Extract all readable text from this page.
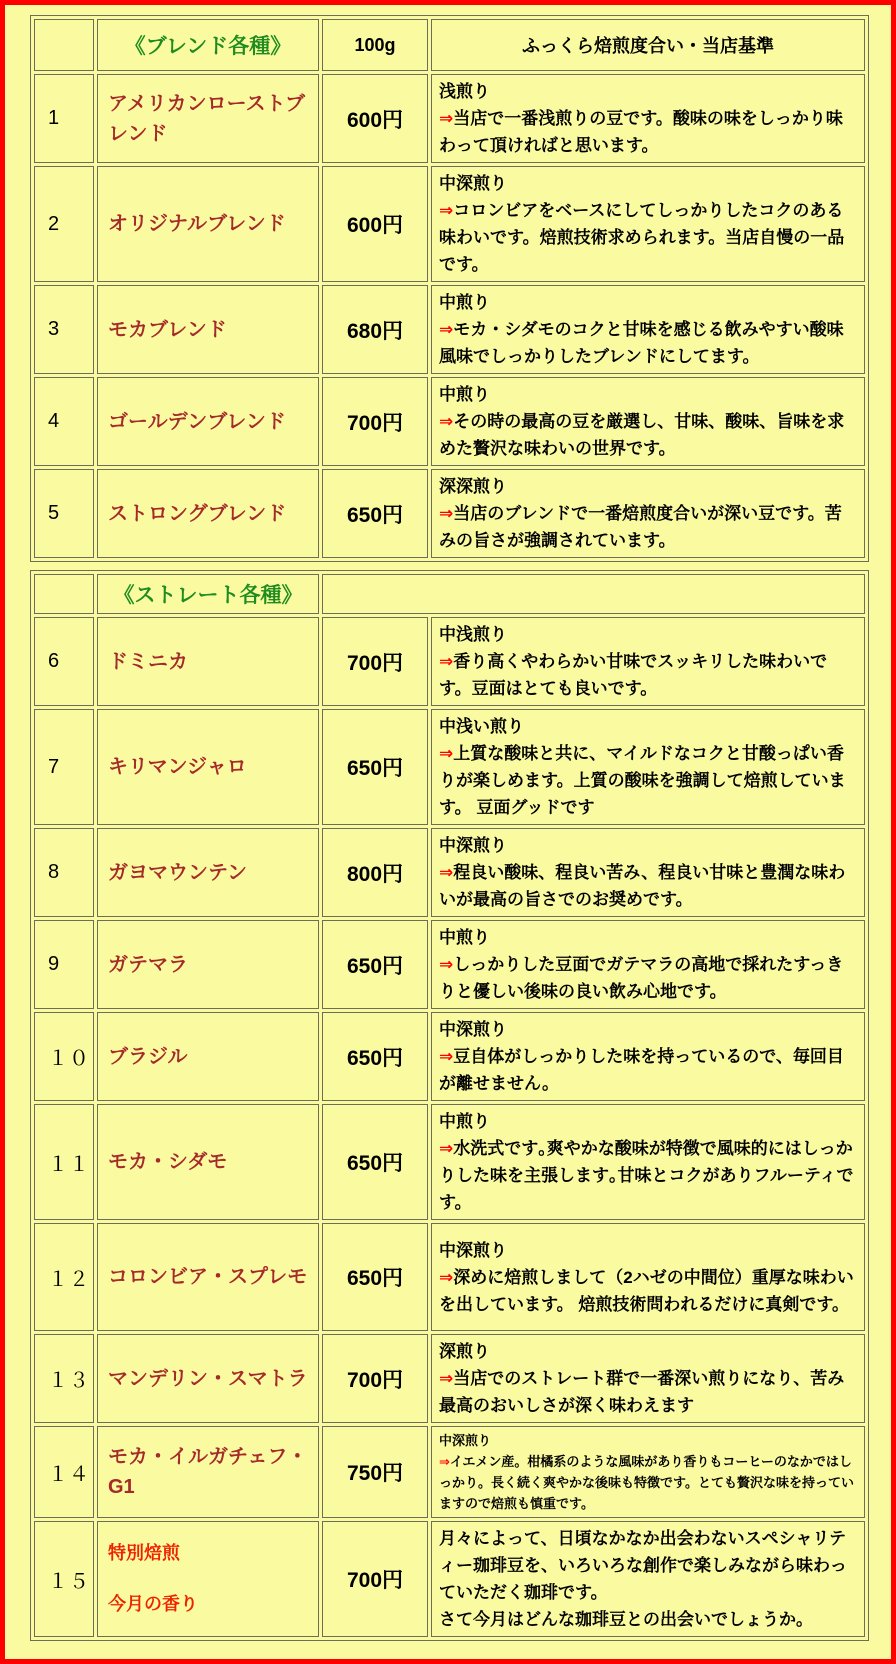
	《ブレンド各種》	100g	ふっくら焙煎度合い・当店基準
1	アメリカンローストブレンド	600円	浅煎り
⇒当店で一番浅煎りの豆です。酸味の味をしっかり味わって頂ければと思います。

2	オリジナルブレンド	600円	中深煎り
⇒コロンビアをベースにしてしっかりしたコクのある味わいです。焙煎技術求められます。当店自慢の一品です。

3	モカブレンド	680円	中煎り
⇒モカ・シダモのコクと甘味を感じる飲みやすい酸味風味でしっかりしたブレンドにしてます。

4	ゴールデンブレンド	700円	中煎り
⇒その時の最高の豆を厳選し、甘味、酸味、旨味を求めた贅沢な味わいの世界です。

5	ストロングブレンド	650円	深深煎り
⇒当店のブレンドで一番焙煎度合いが深い豆です。苦みの旨さが強調されています。
	《ストレート各種》		
6	ドミニカ	700円	中浅煎り
⇒香り高くやわらかい甘味でスッキリした味わいです。豆面はとても良いです。

7	キリマンジャロ	650円	中浅い煎り
⇒上質な酸味と共に、マイルドなコクと甘酸っぱい香りが楽しめます。上質の酸味を強調して焙煎しています。 豆面グッドです

8	ガヨマウンテン	800円	中深煎り
⇒程良い酸味、程良い苦み、程良い甘味と豊潤な味わいが最高の旨さでのお奨めです。

9	ガテマラ	650円	中煎り
⇒しっかりした豆面でガテマラの高地で採れたすっきりと優しい後味の良い飲み心地です。

１０	ブラジル	650円	中深煎り
⇒豆自体がしっかりした味を持っているので、毎回目が離せません。

１１	モカ・シダモ	650円	中煎り
⇒水洗式です｡爽やかな酸味が特徴で風味的にはしっかりした味を主張します｡甘味とコクがありフルーティです。

１２	コロンビア・スプレモ	650円	中深煎り
⇒深めに焙煎しまして（2ハゼの中間位）重厚な味わいを出しています。 焙煎技術問われるだけに真剣です。

１３	マンデリン・スマトラ	700円	深煎り
⇒当店でのストレート群で一番深い煎りになり、苦み最高のおいしさが深く味わえます

１４	モカ・イルガチェフ・G1	750円	中深煎り
⇒イエメン産。柑橘系のような風味があり香りもコーヒーのなかではしっかり。長く続く爽やかな後味も特徴です。とても贅沢な味を持っていますので焙煎も慎重です。

１５	特別焙煎
今月の香り
	700円	
月々によって、日頃なかなか出会わないスペシャリティー珈琲豆を、いろいろな創作で楽しみながら味わっていただく珈琲です。
さて今月はどんな珈琲豆との出会いでしょうか。
